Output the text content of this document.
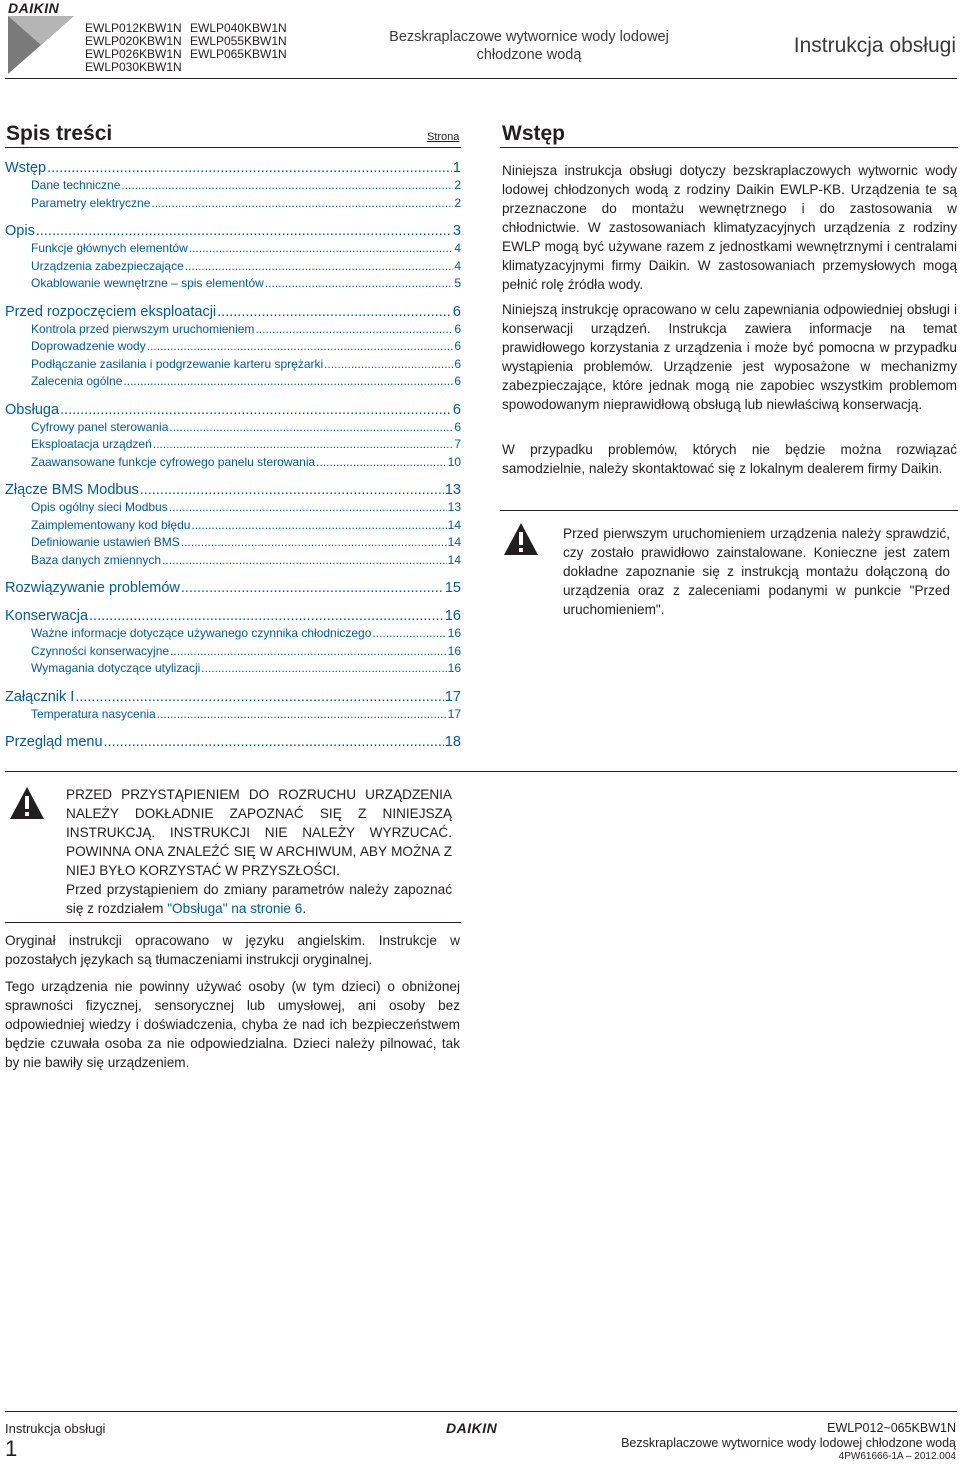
DAIKIN
EWLP012KBW1N
EWLP020KBW1N
EWLP026KBW1N
EWLP030KBW1N
EWLP040KBW1N
EWLP055KBW1N
EWLP065KBW1N
Bezskraplaczowe wytwornice wody lodowej
chłodzone wodą	Instrukcja obsługi
Spis treści	Strona
Wstęp .....	1
Dane techniczne .....	2
Parametry elektryczne .....	2
Opis .....	3
Funkcje głównych elementów .....	4
Urządzenia zabezpieczające .....	4
Okablowanie wewnętrzne – spis elementów .....	5
Przed rozpoczęciem eksploatacji .....	6
Kontrola przed pierwszym uruchomieniem .....	6
Doprowadzenie wody .....	6
Podłączanie zasilania i podgrzewanie karteru sprężarki .....	6
Zalecenia ogólne .....	6
Obsługa .....	6
Cyfrowy panel sterowania .....	6
Eksploatacja urządzeń .....	7
Zaawansowane funkcje cyfrowego panelu sterowania .....	10
Złącze BMS Modbus .....	13
Opis ogólny sieci Modbus .....	13
Zaimplementowany kod błędu .....	14
Definiowanie ustawień BMS .....	14
Baza danych zmiennych .....	14
Rozwiązywanie problemów .....	15
Konserwacja .....	16
Ważne informacje dotyczące używanego czynnika chłodniczego .....	16
Czynności konserwacyjne .....	16
Wymagania dotyczące utylizacji .....	16
Załącznik I .....	17
Temperatura nasycenia .....	17
Przegląd menu .....	18
Wstęp

Niniejsza instrukcja obsługi dotyczy bezskraplaczowych wytwornic wody lodowej chłodzonych wodą z rodziny Daikin EWLP-KB. Urządzenia te są przeznaczone do montażu wewnętrznego i do zastosowania w chłodnictwie. W zastosowaniach klimatyzacyjnych urządzenia z rodziny EWLP mogą być używane razem z jednostkami wewnętrznymi i centralami klimatyzacyjnymi firmy Daikin. W zastosowaniach przemysłowych mogą pełnić rolę źródła wody.

Niniejszą instrukcję opracowano w celu zapewniania odpowiedniej obsługi i konserwacji urządzeń. Instrukcja zawiera informacje na temat prawidłowego korzystania z urządzenia i może być pomocna w przypadku wystąpienia problemów. Urządzenie jest wyposażone w mechanizmy zabezpieczające, które jednak mogą nie zapobiec wszystkim problemom spowodowanym nieprawidłową obsługą lub niewłaściwą konserwacją.

W przypadku problemów, których nie będzie można rozwiązać samodzielnie, należy skontaktować się z lokalnym dealerem firmy Daikin.

Przed pierwszym uruchomieniem urządzenia należy sprawdzić, czy zostało prawidłowo zainstalowane. Konieczne jest zatem dokładne zapoznanie się z instrukcją montażu dołączoną do urządzenia oraz z zaleceniami podanymi w punkcie "Przed uruchomieniem".

PRZED PRZYSTĄPIENIEM DO ROZRUCHU URZĄDZENIA NALEŻY DOKŁADNIE ZAPOZNAĆ SIĘ Z NINIEJSZĄ INSTRUKCJĄ. INSTRUKCJI NIE NALEŻY WYRZUCAĆ. POWINNA ONA ZNALEŹĆ SIĘ W ARCHIWUM, ABY MOŻNA Z NIEJ BYŁO KORZYSTAĆ W PRZYSZŁOŚCI.

Przed przystąpieniem do zmiany parametrów należy zapoznać się z rozdziałem "Obsługa" na stronie 6.

Oryginał instrukcji opracowano w języku angielskim. Instrukcje w pozostałych językach są tłumaczeniami instrukcji oryginalnej.

Tego urządzenia nie powinny używać osoby (w tym dzieci) o obniżonej sprawności fizycznej, sensorycznej lub umysłowej, ani osoby bez odpowiedniej wiedzy i doświadczenia, chyba że nad ich bezpieczeństwem będzie czuwała osoba za nie odpowiedzialna. Dzieci należy pilnować, tak by nie bawiły się urządzeniem.

Instrukcja obsługi
1
DAIKIN	EWLP012~065KBW1N
Bezskraplaczowe wytwornice wody lodowej chłodzone wodą
4PW61666-1A – 2012.004
